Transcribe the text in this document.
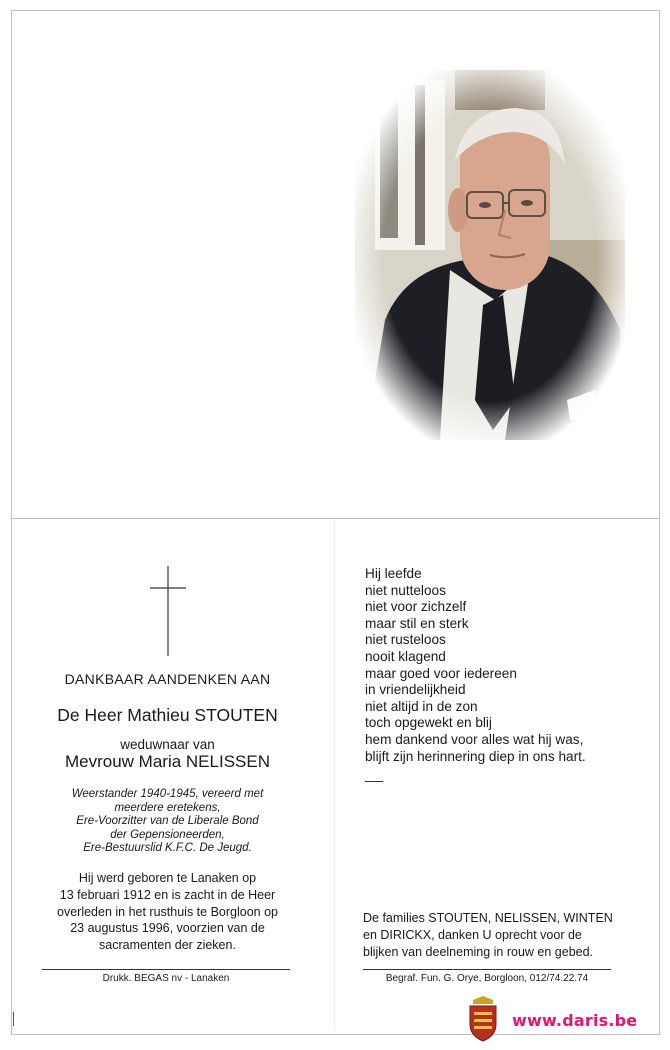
DANKBAAR AANDENKEN AAN
De Heer Mathieu STOUTEN
weduwnaar van
Mevrouw Maria NELISSEN
Weerstander 1940-1945, vereerd met
meerdere eretekens,
Ere-Voorzitter van de Liberale Bond
der Gepensioneerden,
Ere-Bestuurslid K.F.C. De Jeugd.
Hij werd geboren te Lanaken op
13 februari 1912 en is zacht in de Heer
overleden in het rusthuis te Borgloon op
23 augustus 1996, voorzien van de
sacramenten der zieken.
Drukk. BEGAS nv - Lanaken
Hij leefde
niet nutteloos
niet voor zichzelf
maar stil en sterk
niet rusteloos
nooit klagend
maar goed voor iedereen
in vriendelijkheid
niet altijd in de zon
toch opgewekt en blij
hem dankend voor alles wat hij was,
blijft zijn herinnering diep in ons hart.
De families STOUTEN, NELISSEN, WINTEN
en DIRICKX, danken U oprecht voor de
blijken van deelneming in rouw en gebed.
Begraf. Fun. G. Orye, Borgloon, 012/74.22.74
www.daris.be
